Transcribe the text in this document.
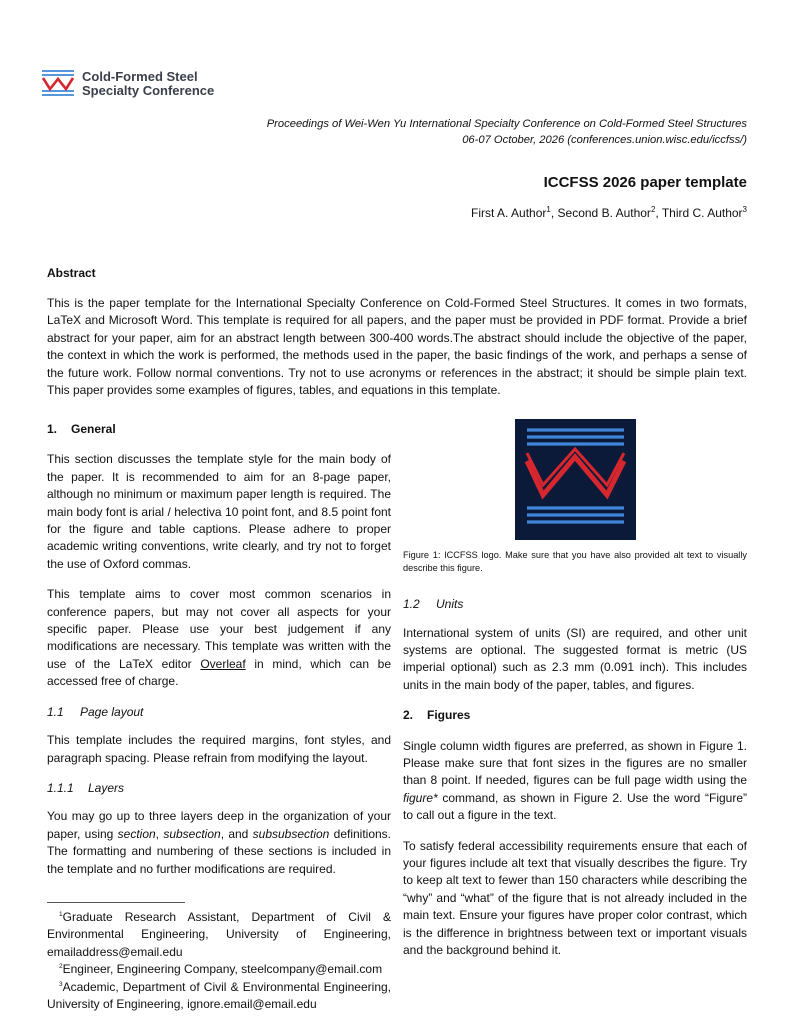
Cold-Formed Steel
Specialty Conference
Proceedings of Wei-Wen Yu International Specialty Conference on Cold-Formed Steel Structures
06-07 October, 2026 (conferences.union.wisc.edu/iccfss/)
ICCFSS 2026 paper template
First A. Author$^1$, Second B. Author$^2$, Third C. Author$^3$
Abstract
This is the paper template for the International Specialty Conference on Cold-Formed Steel Structures. It comes in two formats, LaTeX and Microsoft Word. This template is required for all papers, and the paper must be provided in PDF format. Provide a brief abstract for your paper, aim for an abstract length between 300-400 words.The abstract should include the objective of the paper, the context in which the work is performed, the methods used in the paper, the basic findings of the work, and perhaps a sense of the future work. Follow normal conventions. Try not to use acronyms or references in the abstract; it should be simple plain text. This paper provides some examples of figures, tables, and equations in this template.
1. General

This section discusses the template style for the main body of the paper. It is recommended to aim for an 8-page paper, although no minimum or maximum paper length is required. The main body font is arial / helectiva 10 point font, and 8.5 point font for the figure and table captions. Please adhere to proper academic writing conventions, write clearly, and try not to forget the use of Oxford commas.

This template aims to cover most common scenarios in conference papers, but may not cover all aspects for your specific paper. Please use your best judgement if any modifications are necessary. This template was written with the use of the LaTeX editor Overleaf in mind, which can be accessed free of charge.

1.1 Page layout

This template includes the required margins, font styles, and paragraph spacing. Please refrain from modifying the layout.

1.1.1 Layers

You may go up to three layers deep in the organization of your paper, using section, subsection, and subsubsection definitions. The formatting and numbering of these sections is included in the template and no further modifications are required.

$^1$Graduate Research Assistant, Department of Civil & Environmental Engineering, University of Engineering, emailaddress@email.edu

$^2$Engineer, Engineering Company, steelcompany@email.com

$^3$Academic, Department of Civil & Environmental Engineering, University of Engineering, ignore.email@email.edu

Figure 1: ICCFSS logo. Make sure that you have also provided alt text to visually describe this figure.
1.2 Units

International system of units (SI) are required, and other unit systems are optional. The suggested format is metric (US imperial optional) such as 2.3 mm (0.091 inch). This includes units in the main body of the paper, tables, and figures.

2. Figures

Single column width figures are preferred, as shown in Figure 1. Please make sure that font sizes in the figures are no smaller than 8 point. If needed, figures can be full page width using the figure* command, as shown in Figure 2. Use the word “Figure” to call out a figure in the text.

To satisfy federal accessibility requirements ensure that each of your figures include alt text that visually describes the figure. Try to keep alt text to fewer than 150 characters while describing the “why” and “what” of the figure that is not already included in the main text. Ensure your figures have proper color contrast, which is the difference in brightness between text or important visuals and the background behind it.
